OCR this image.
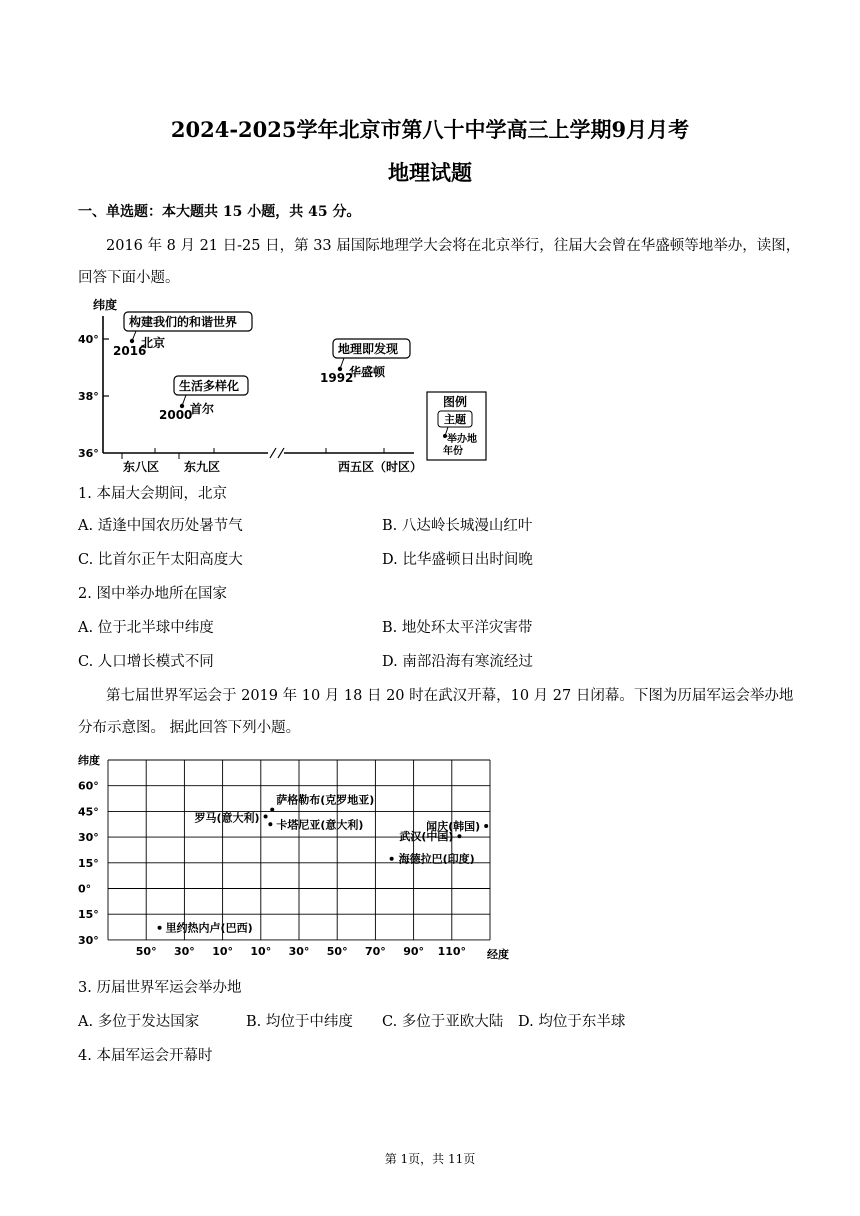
2024-2025学年北京市第八十中学高三上学期9月月考
地理试题
一、单选题：本大题共 15 小题，共 45 分。
2016 年 8 月 21 日-25 日，第 33 届国际地理学大会将在北京举行，往届大会曾在华盛顿等地举办，读图，
回答下面小题。
纬度
40°
38°
36°
东八区 东九区	西五区（时区）
构建我们的和谐世界
2016
北京
生活多样化
2000
首尔
地理即发现
1992
华盛顿
图例
主题
举办地
年份
1. 本届大会期间，北京
A. 适逢中国农历处暑节气	B. 八达岭长城漫山红叶
C. 比首尔正午太阳高度大	D. 比华盛顿日出时间晚
2. 图中举办地所在国家
A. 位于北半球中纬度	B. 地处环太平洋灾害带
C. 人口增长模式不同	D. 南部沿海有寒流经过
第七届世界军运会于 2019 年 10 月 18 日 20 时在武汉开幕，10 月 27 日闭幕。下图为历届军运会举办地
分布示意图。 据此回答下列小题。
纬度
经度
60°
45°
30°
15°
0°
15°
30°
50° 30° 10° 10° 30° 50° 70° 90° 110°
萨格勒布(克罗地亚)
罗马(意大利)
卡塔尼亚(意大利)	闻庆(韩国)
武汉(中国)
海德拉巴(印度)
里约热内卢(巴西)
3. 历届世界军运会举办地
A. 多位于发达国家	B. 均位于中纬度 C. 多位于亚欧大陆 D. 均位于东半球
4. 本届军运会开幕时
第 1页，共 11页
